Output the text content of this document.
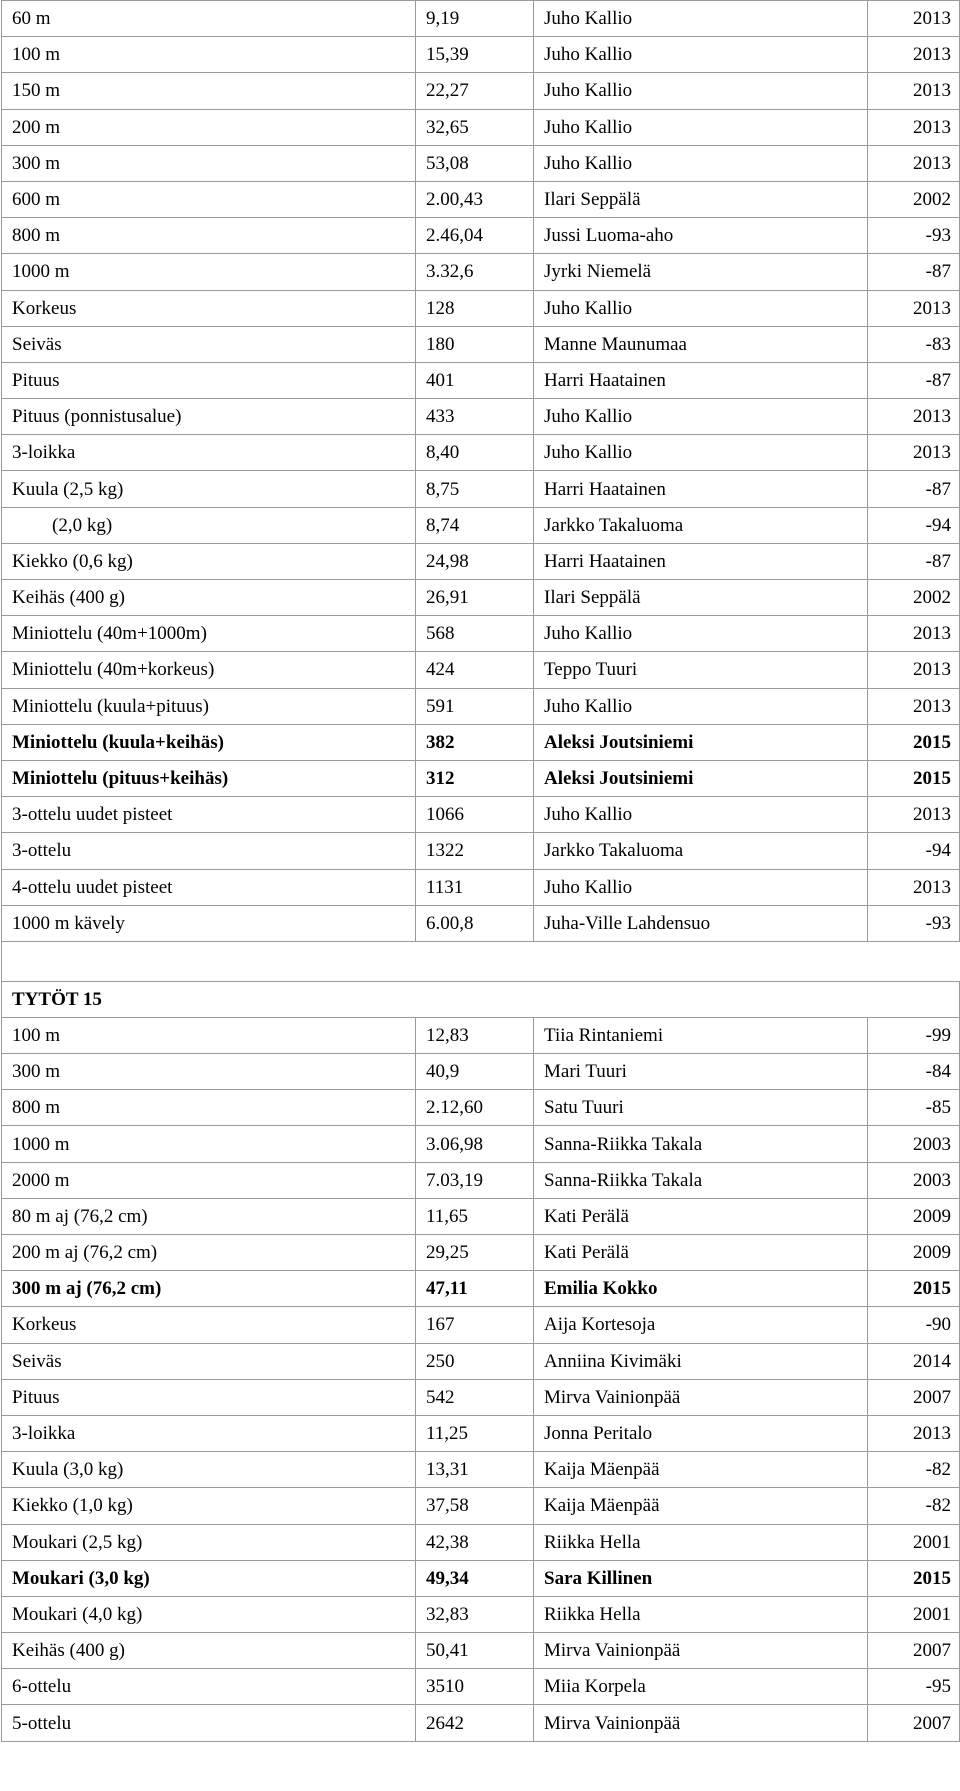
60 m	9,19	Juho Kallio	2013
100 m	15,39	Juho Kallio	2013
150 m	22,27	Juho Kallio	2013
200 m	32,65	Juho Kallio	2013
300 m	53,08	Juho Kallio	2013
600 m	2.00,43	Ilari Seppälä	2002
800 m	2.46,04	Jussi Luoma-aho	-93
1000 m	3.32,6	Jyrki Niemelä	-87
Korkeus	128	Juho Kallio	2013
Seiväs	180	Manne Maunumaa	-83
Pituus	401	Harri Haatainen	-87
Pituus (ponnistusalue)	433	Juho Kallio	2013
3-loikka	8,40	Juho Kallio	2013
Kuula (2,5 kg)	8,75	Harri Haatainen	-87
(2,0 kg)	8,74	Jarkko Takaluoma	-94
Kiekko (0,6 kg)	24,98	Harri Haatainen	-87
Keihäs (400 g)	26,91	Ilari Seppälä	2002
Miniottelu (40m+1000m)	568	Juho Kallio	2013
Miniottelu (40m+korkeus)	424	Teppo Tuuri	2013
Miniottelu (kuula+pituus)	591	Juho Kallio	2013
Miniottelu (kuula+keihäs)	382	Aleksi Joutsiniemi	2015
Miniottelu (pituus+keihäs)	312	Aleksi Joutsiniemi	2015
3-ottelu uudet pisteet	1066	Juho Kallio	2013
3-ottelu	1322	Jarkko Takaluoma	-94
4-ottelu uudet pisteet	1131	Juho Kallio	2013
1000 m kävely	6.00,8	Juha-Ville Lahdensuo	-93

TYTÖT 15			
100 m	12,83	Tiia Rintaniemi	-99
300 m	40,9	Mari Tuuri	-84
800 m	2.12,60	Satu Tuuri	-85
1000 m	3.06,98	Sanna-Riikka Takala	2003
2000 m	7.03,19	Sanna-Riikka Takala	2003
80 m aj (76,2 cm)	11,65	Kati Perälä	2009
200 m aj (76,2 cm)	29,25	Kati Perälä	2009
300 m aj (76,2 cm)	47,11	Emilia Kokko	2015
Korkeus	167	Aija Kortesoja	-90
Seiväs	250	Anniina Kivimäki	2014
Pituus	542	Mirva Vainionpää	2007
3-loikka	11,25	Jonna Peritalo	2013
Kuula (3,0 kg)	13,31	Kaija Mäenpää	-82
Kiekko (1,0 kg)	37,58	Kaija Mäenpää	-82
Moukari (2,5 kg)	42,38	Riikka Hella	2001
Moukari (3,0 kg)	49,34	Sara Killinen	2015
Moukari (4,0 kg)	32,83	Riikka Hella	2001
Keihäs (400 g)	50,41	Mirva Vainionpää	2007
6-ottelu	3510	Miia Korpela	-95
5-ottelu	2642	Mirva Vainionpää	2007
